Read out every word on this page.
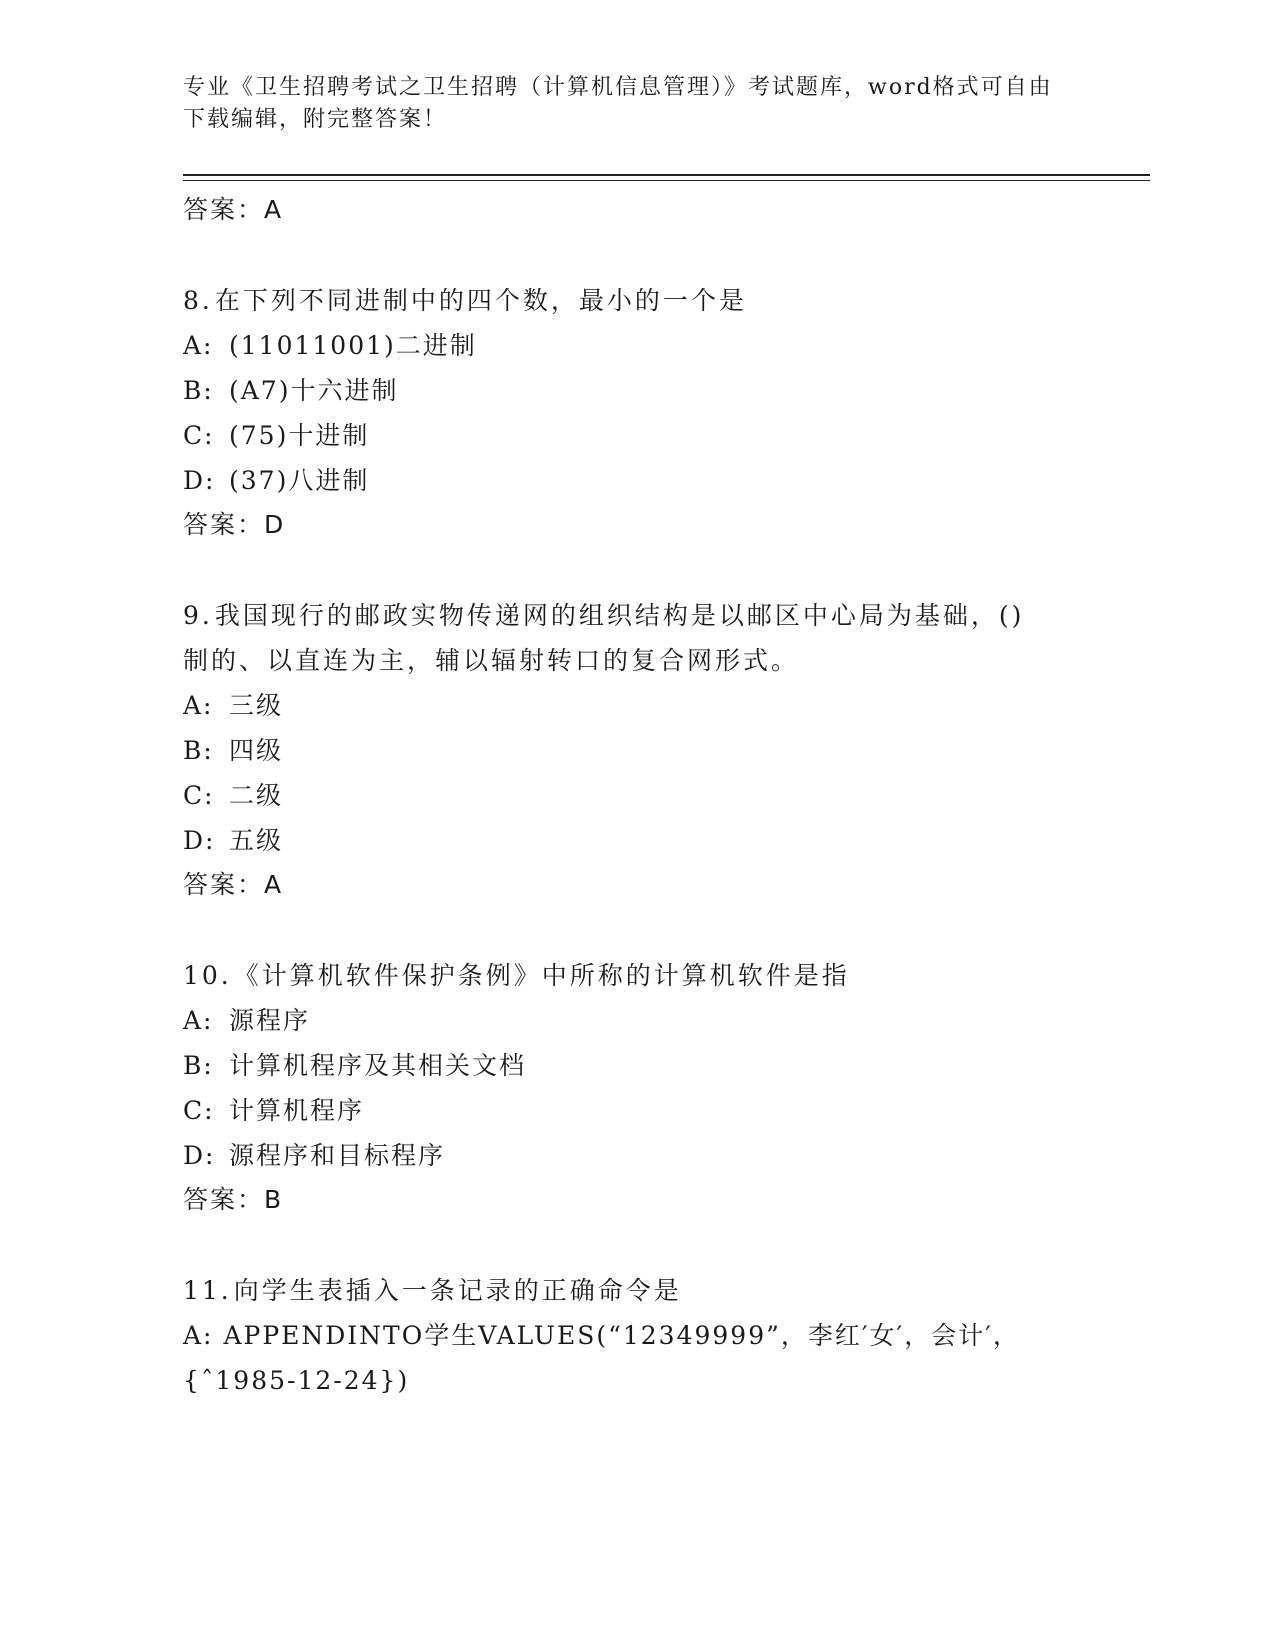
专业《卫生招聘考试之卫生招聘（计算机信息管理）》考试题库，word格式可自由下载编辑，附完整答案！
答案：A
8.在下列不同进制中的四个数，最小的一个是
A: (11011001)二进制
B: (A7)十六进制
C: (75)十进制
D: (37)八进制
答案：D
9.我国现行的邮政实物传递网的组织结构是以邮区中心局为基础，()制的、以直连为主，辅以辐射转口的复合网形式。
A: 三级
B: 四级
C: 二级
D: 五级
答案：A
10.《计算机软件保护条例》中所称的计算机软件是指
A: 源程序
B: 计算机程序及其相关文档
C: 计算机程序
D: 源程序和目标程序
答案：B
11.向学生表插入一条记录的正确命令是
A: APPENDINTO学生VALUES(“12349999”，李红′女′，会计′，{ˆ1985-12-24})
